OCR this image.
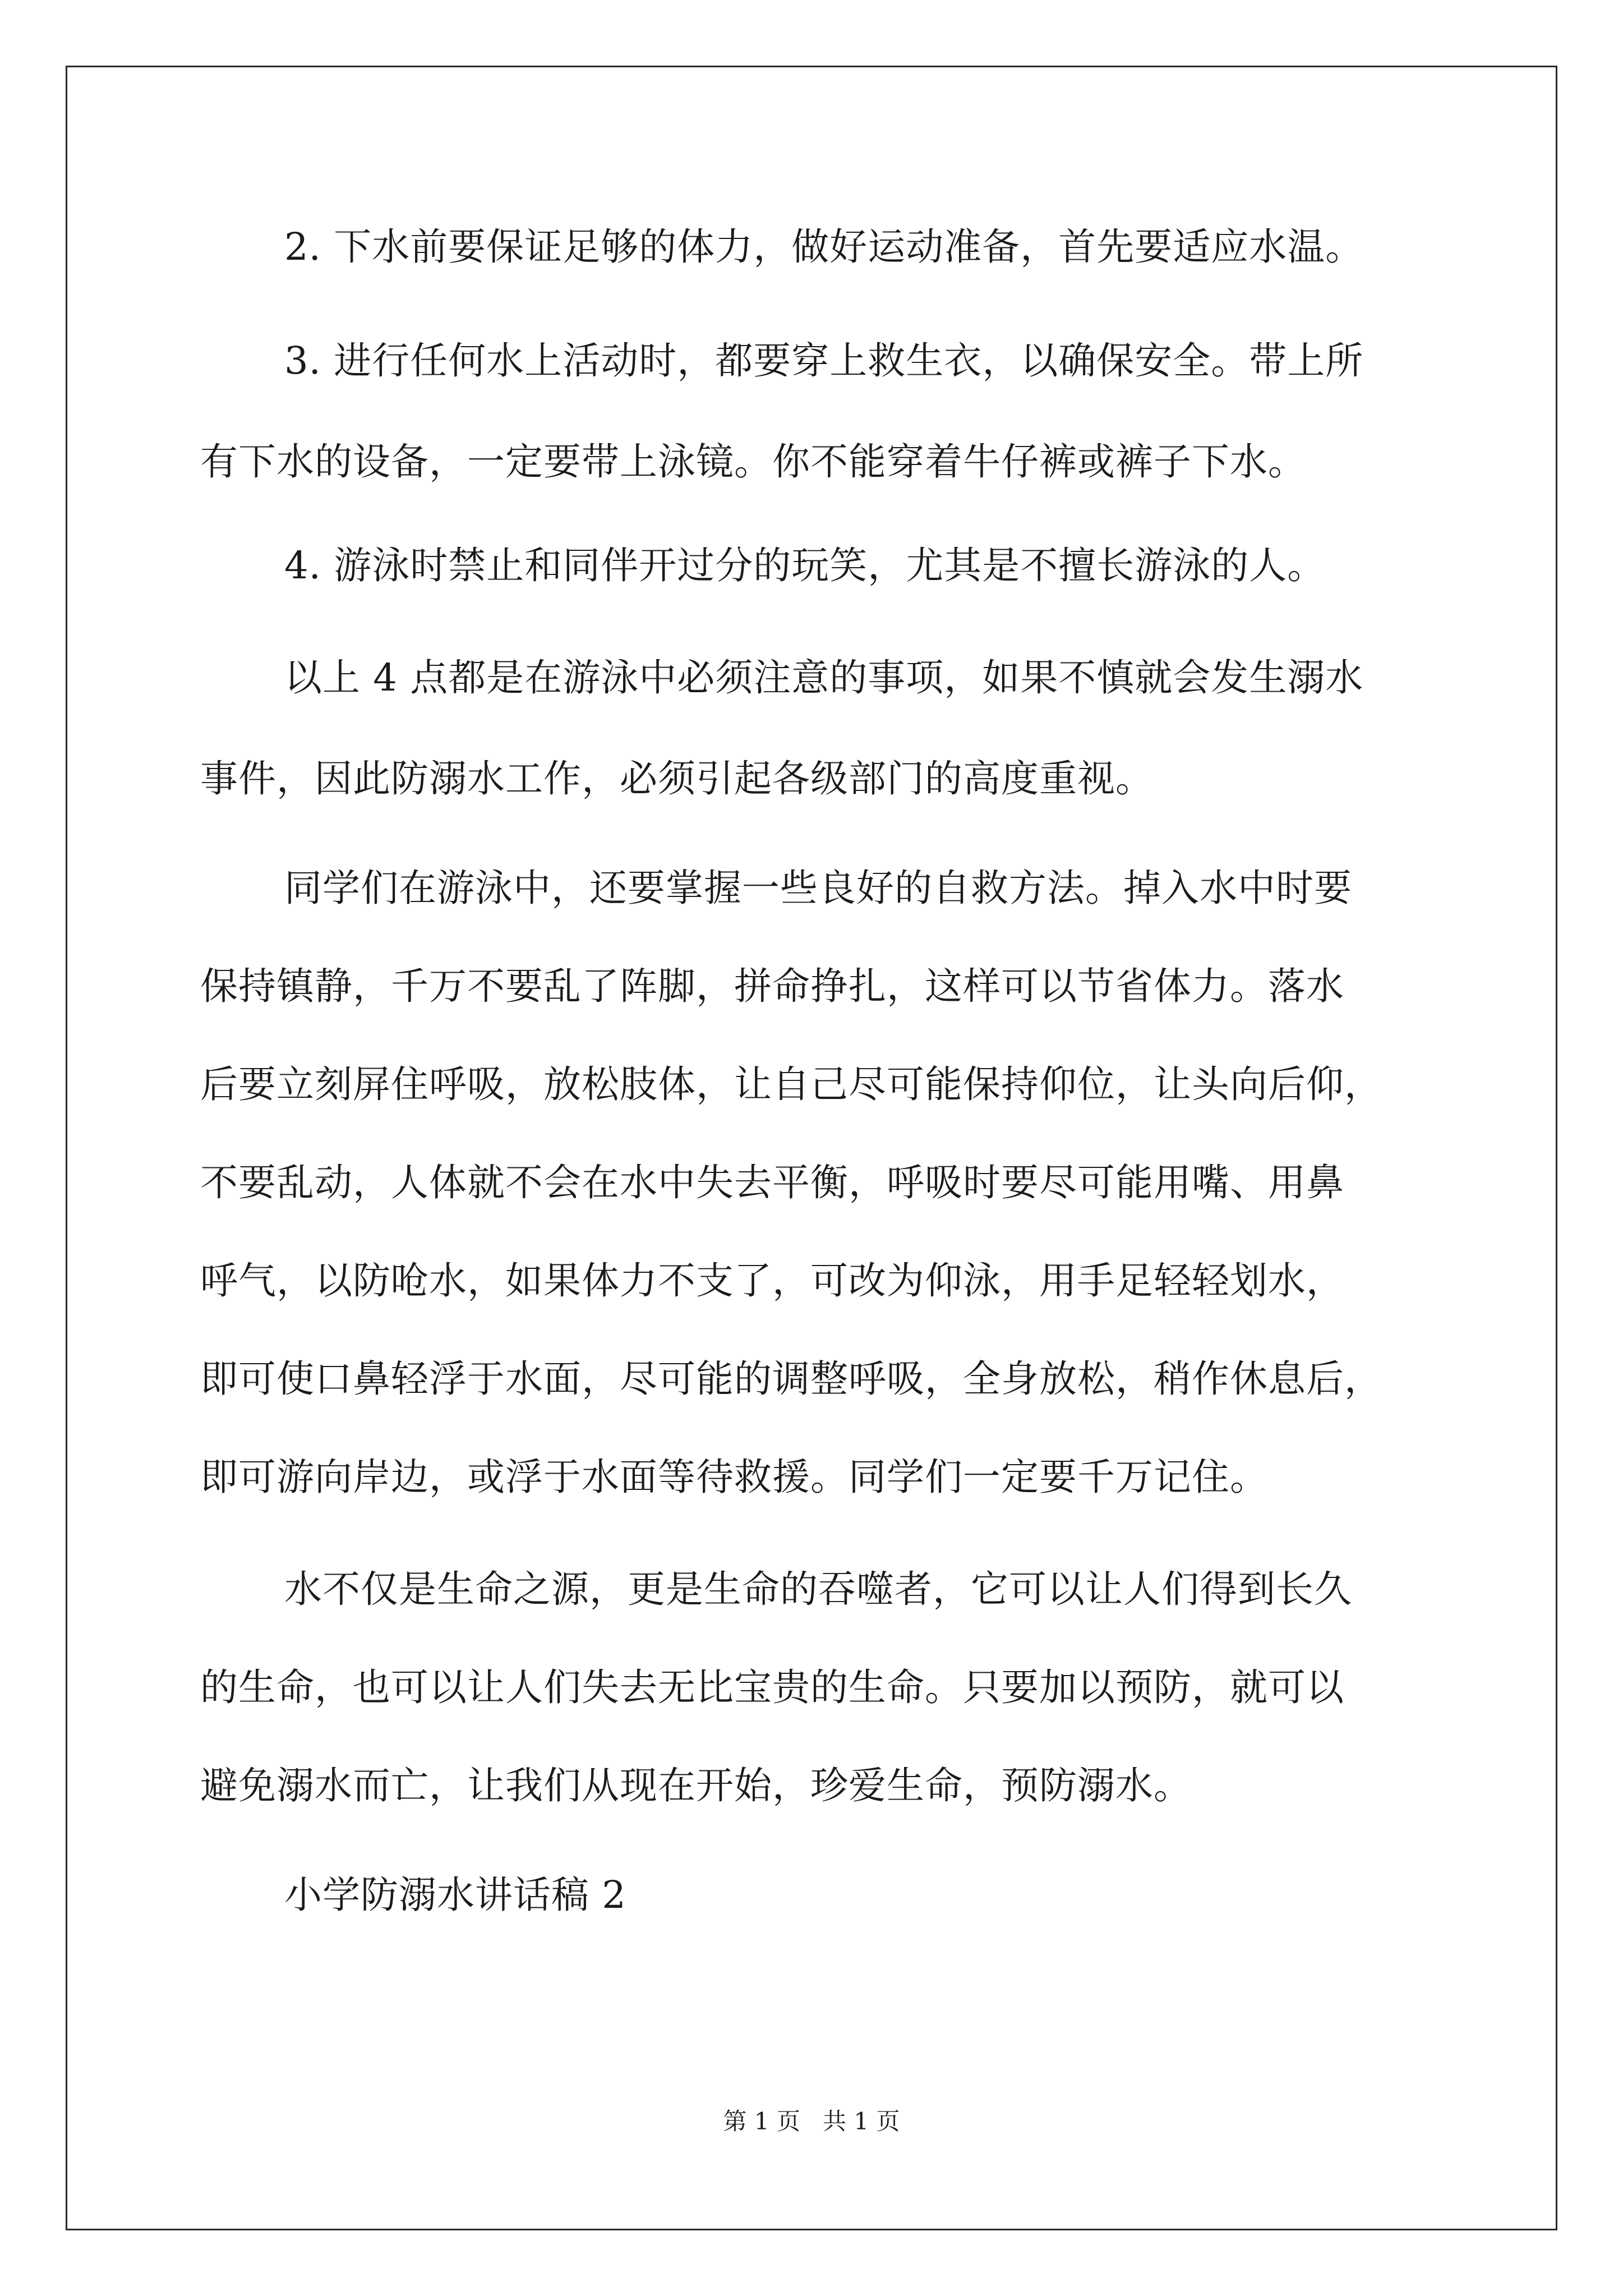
2. 下水前要保证足够的体力，做好运动准备，首先要适应水温。
3. 进行任何水上活动时，都要穿上救生衣，以确保安全。带上所
有下水的设备，一定要带上泳镜。你不能穿着牛仔裤或裤子下水。
4. 游泳时禁止和同伴开过分的玩笑，尤其是不擅长游泳的人。
以上 4 点都是在游泳中必须注意的事项，如果不慎就会发生溺水
事件，因此防溺水工作，必须引起各级部门的高度重视。
同学们在游泳中，还要掌握一些良好的自救方法。掉入水中时要
保持镇静，千万不要乱了阵脚，拼命挣扎，这样可以节省体力。落水
后要立刻屏住呼吸，放松肢体，让自己尽可能保持仰位，让头向后仰，
不要乱动，人体就不会在水中失去平衡，呼吸时要尽可能用嘴、用鼻
呼气，以防呛水，如果体力不支了，可改为仰泳，用手足轻轻划水，
即可使口鼻轻浮于水面，尽可能的调整呼吸，全身放松，稍作休息后，
即可游向岸边，或浮于水面等待救援。同学们一定要千万记住。
水不仅是生命之源，更是生命的吞噬者，它可以让人们得到长久
的生命，也可以让人们失去无比宝贵的生命。只要加以预防，就可以
避免溺水而亡，让我们从现在开始，珍爱生命，预防溺水。
小学防溺水讲话稿 2
第 1 页   共 1 页
